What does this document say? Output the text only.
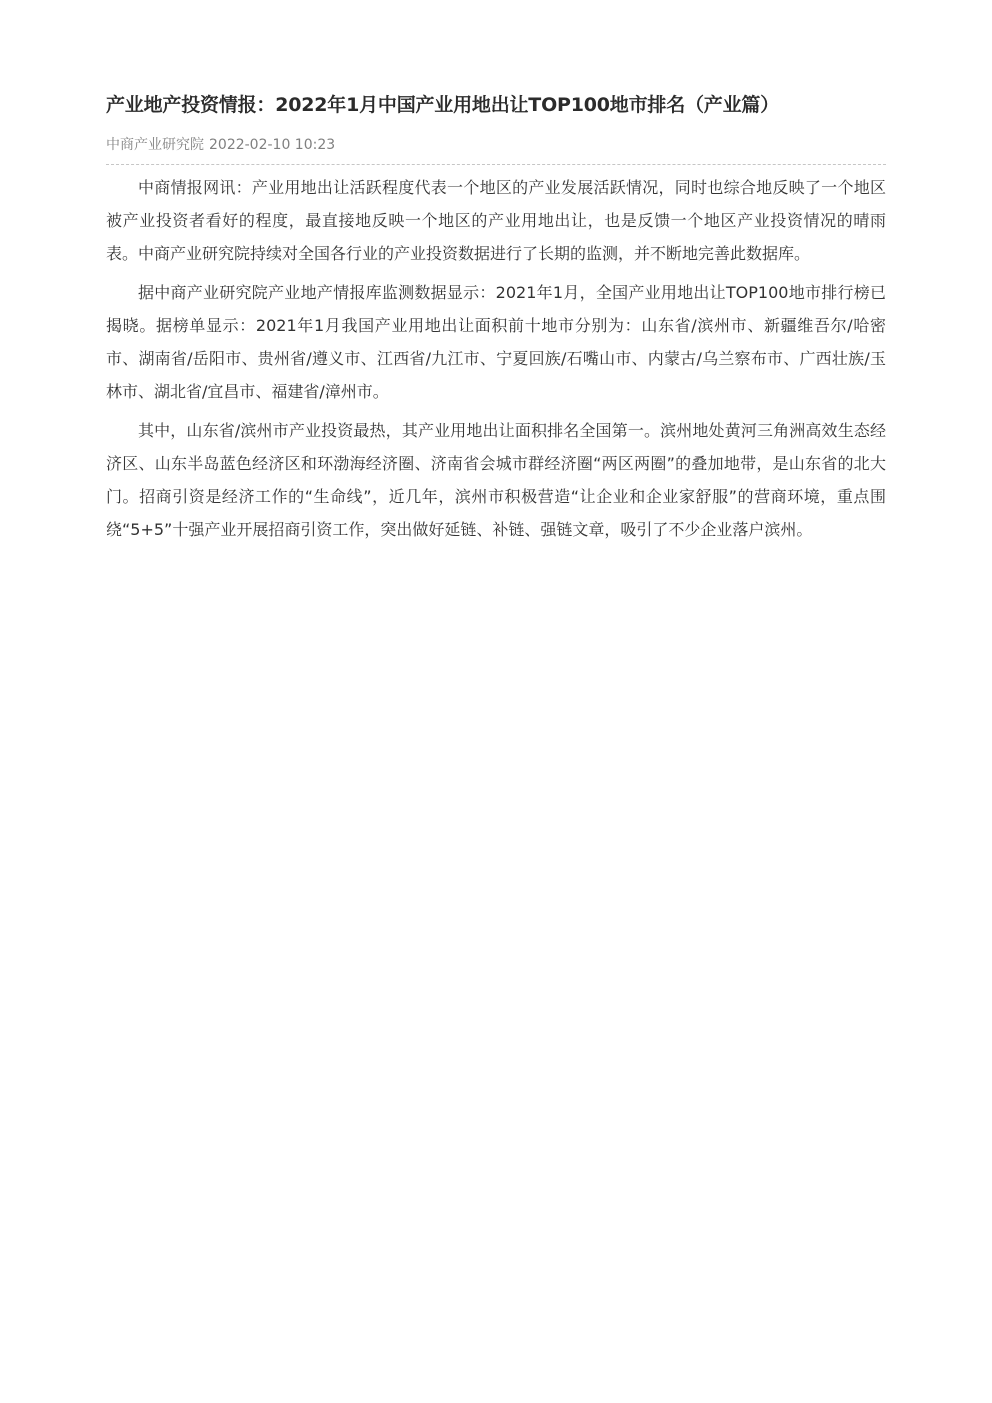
产业地产投资情报：2022年1月中国产业用地出让TOP100地市排名（产业篇）
中商产业研究院 2022-02-10 10:23

中商情报网讯：产业用地出让活跃程度代表一个地区的产业发展活跃情况，同时也综合地反映了一个地区被产业投资者看好的程度，最直接地反映一个地区的产业用地出让，也是反馈一个地区产业投资情况的晴雨表。中商产业研究院持续对全国各行业的产业投资数据进行了长期的监测，并不断地完善此数据库。

据中商产业研究院产业地产情报库监测数据显示：2021年1月，全国产业用地出让TOP100地市排行榜已揭晓。据榜单显示：2021年1月我国产业用地出让面积前十地市分别为：山东省/滨州市、新疆维吾尔/哈密市、湖南省/岳阳市、贵州省/遵义市、江西省/九江市、宁夏回族/石嘴山市、内蒙古/乌兰察布市、广西壮族/玉林市、湖北省/宜昌市、福建省/漳州市。

其中，山东省/滨州市产业投资最热，其产业用地出让面积排名全国第一。滨州地处黄河三角洲高效生态经济区、山东半岛蓝色经济区和环渤海经济圈、济南省会城市群经济圈“两区两圈”的叠加地带，是山东省的北大门。招商引资是经济工作的“生命线”，近几年，滨州市积极营造“让企业和企业家舒服”的营商环境，重点围绕“5+5”十强产业开展招商引资工作，突出做好延链、补链、强链文章，吸引了不少企业落户滨州。
